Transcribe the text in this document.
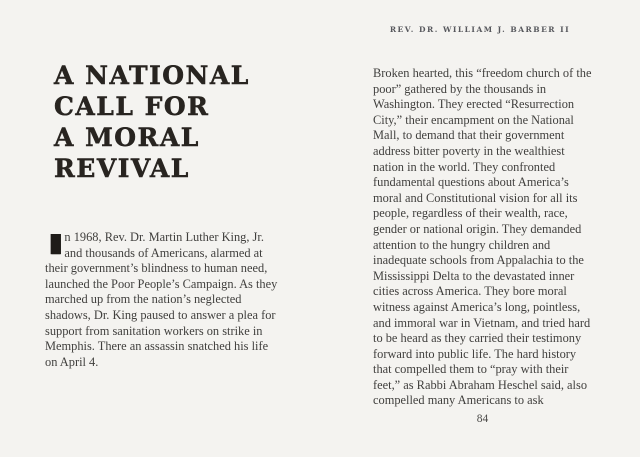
REV. DR. WILLIAM J. BARBER II
A NATIONAL
CALL FOR
A MORAL
REVIVAL

In 1968, Rev. Dr. Martin Luther King, Jr. and thousands of Americans, alarmed at their government’s blindness to human need, launched the Poor People’s Campaign. As they marched up from the nation’s neglected shadows, Dr. King paused to answer a plea for support from sanitation workers on strike in Memphis. There an assassin snatched his life on April 4.

Broken hearted, this “freedom church of the poor” gathered by the thousands in Washington. They erected “Resurrection City,” their encampment on the National Mall, to demand that their government address bitter poverty in the wealthiest nation in the world. They confronted fundamental questions about America’s moral and Constitutional vision for all its people, regardless of their wealth, race, gender or national origin. They demanded attention to the hungry children and inadequate schools from Appalachia to the Mississippi Delta to the devastated inner cities across America. They bore moral witness against America’s long, pointless, and immoral war in Vietnam, and tried hard to be heard as they carried their testimony forward into public life. The hard history that compelled them to “pray with their feet,” as Rabbi Abraham Heschel said, also compelled many Americans to ask

84
